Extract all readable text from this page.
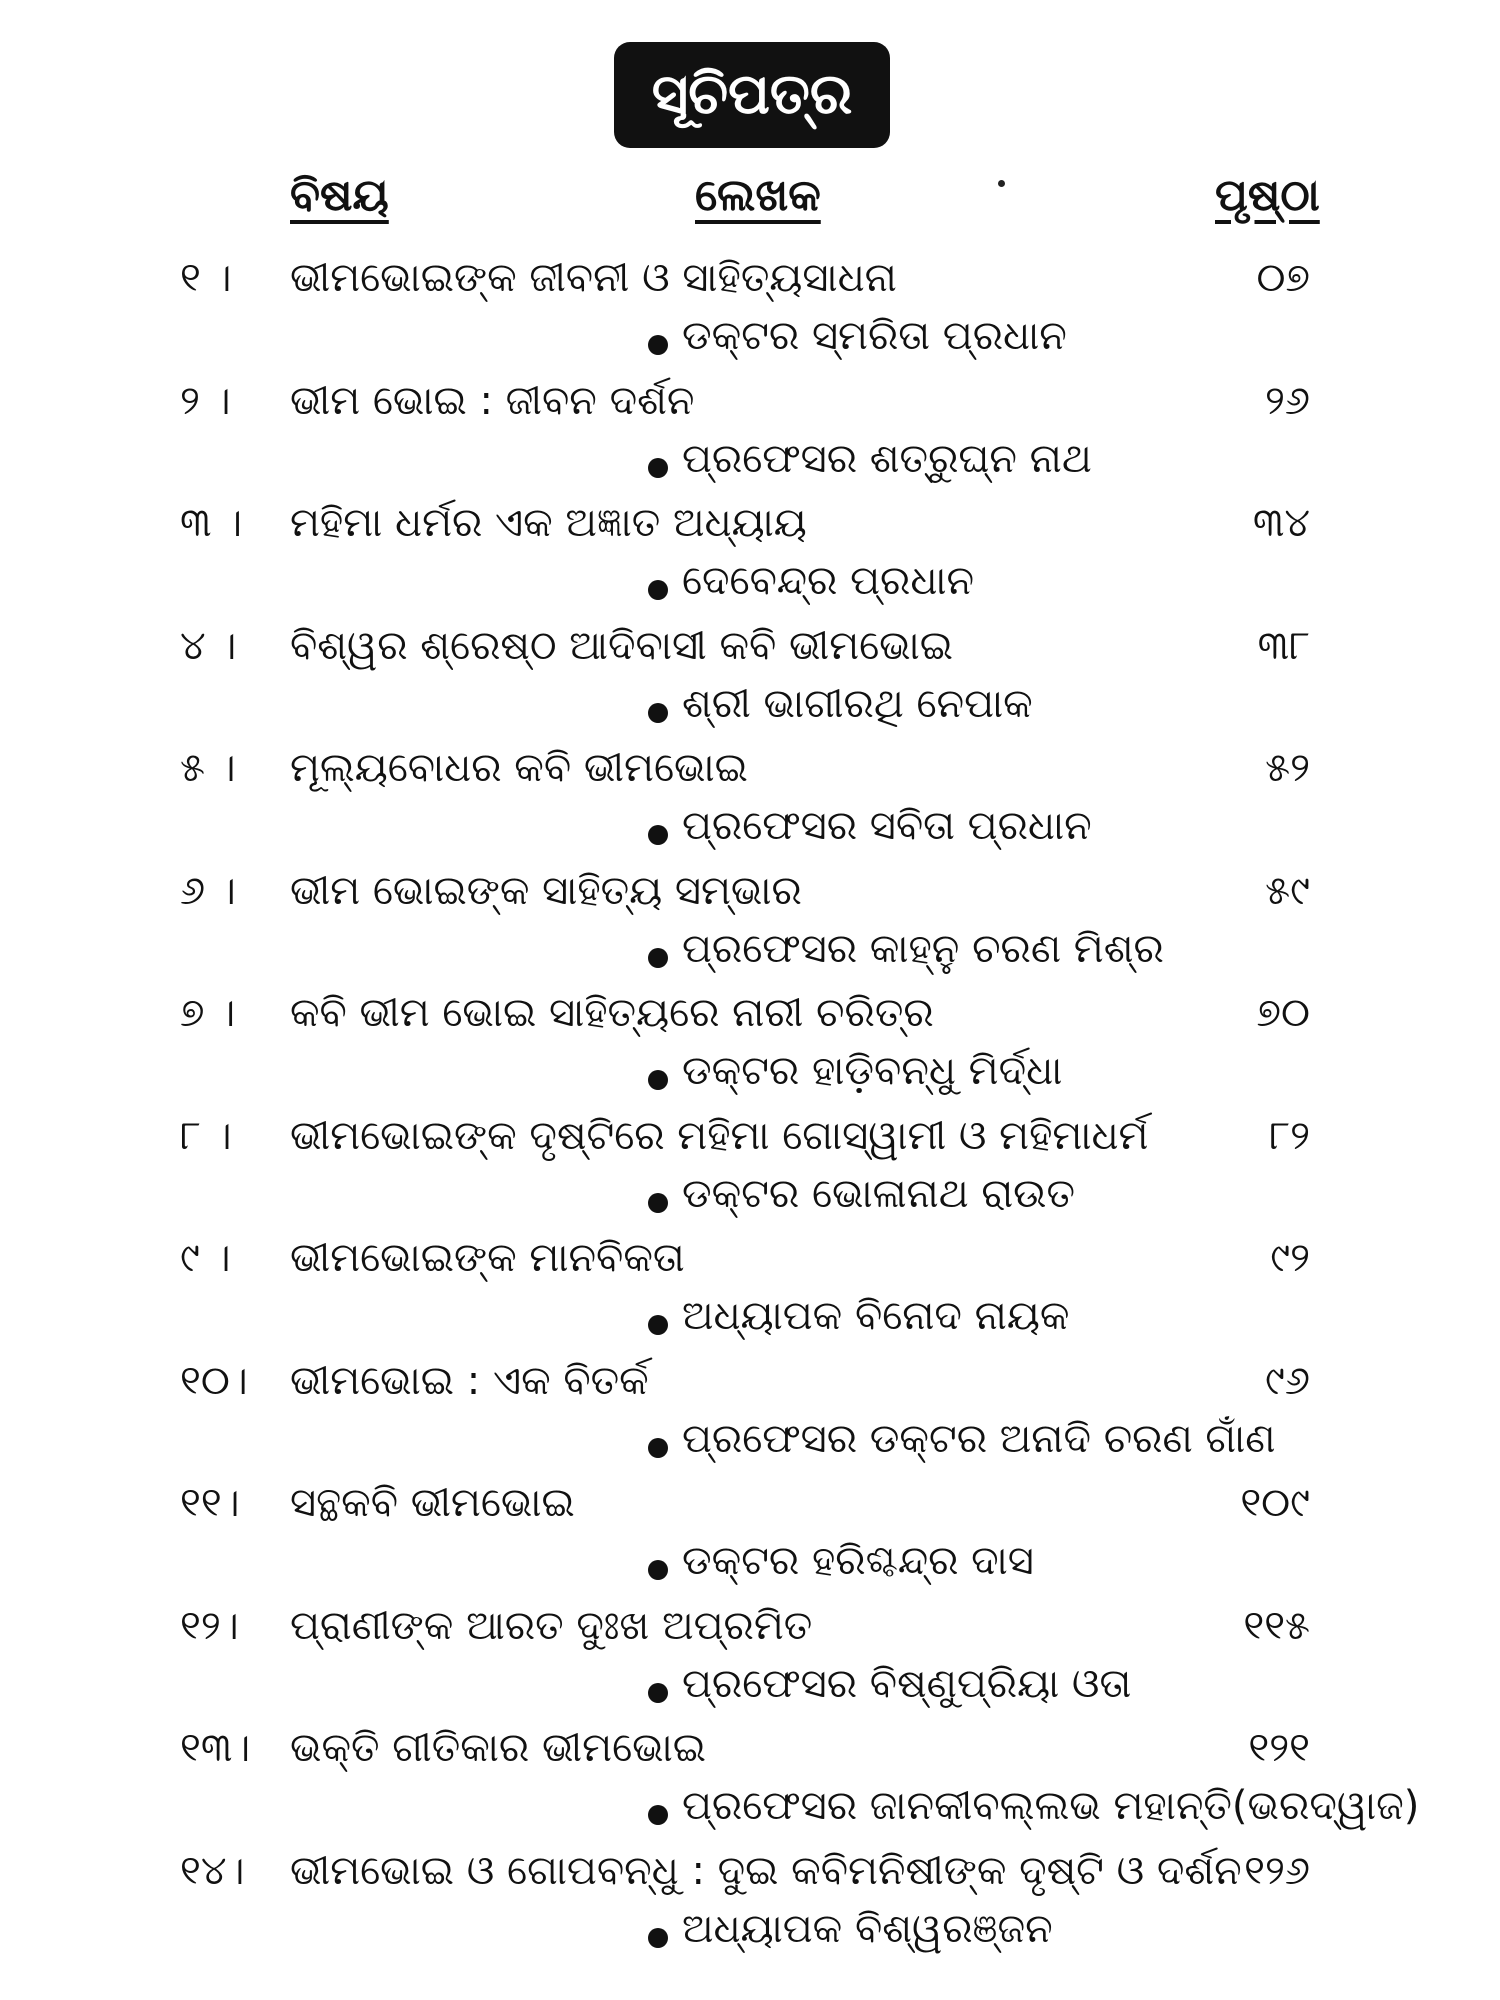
ସୂଚିପତ୍ର
ବିଷୟ	ଲେଖକ	ପୃଷ୍ଠା
୧ । ଭୀମଭୋଇଙ୍କ ଜୀବନୀ ଓ ସାହିତ୍ୟସାଧନା	୦୭
ଡକ୍ଟର ସ୍ମରିତା ପ୍ରଧାନ
୨ । ଭୀମ ଭୋଇ : ଜୀବନ ଦର୍ଶନ	୨୬
ପ୍ରଫେସର ଶତ୍ରୁଘ୍ନ ନାଥ
୩ । ମହିମା ଧର୍ମର ଏକ ଅଜ୍ଞାତ ଅଧ୍ୟାୟ	୩୪
ଦେବେନ୍ଦ୍ର ପ୍ରଧାନ
୪ । ବିଶ୍ୱର ଶ୍ରେଷ୍ଠ ଆଦିବାସୀ କବି ଭୀମଭୋଇ	୩୮
ଶ୍ରୀ ଭାଗୀରଥି ନେପାକ
୫ । ମୂଲ୍ୟବୋଧର କବି ଭୀମଭୋଇ	୫୨
ପ୍ରଫେସର ସବିତା ପ୍ରଧାନ
୬ । ଭୀମ ଭୋଇଙ୍କ ସାହିତ୍ୟ ସମ୍ଭାର	୫୯
ପ୍ରଫେସର କାହ୍ନୁ ଚରଣ ମିଶ୍ର
୭ । କବି ଭୀମ ଭୋଇ ସାହିତ୍ୟରେ ନାରୀ ଚରିତ୍ର	୭୦
ଡକ୍ଟର ହାଡ଼ିବନ୍ଧୁ ମିର୍ଦ୍ଧା
୮ । ଭୀମଭୋଇଙ୍କ ଦୃଷ୍ଟିରେ ମହିମା ଗୋସ୍ୱାମୀ ଓ ମହିମାଧର୍ମ	୮୨
ଡକ୍ଟର ଭୋଳାନାଥ ରାଉତ
୯ । ଭୀମଭୋଇଙ୍କ ମାନବିକତା	୯୨
ଅଧ୍ୟାପକ ବିନୋଦ ନାୟକ
୧୦। ଭୀମଭୋଇ : ଏକ ବିତର୍କ	୯୬
ପ୍ରଫେସର ଡକ୍ଟର ଅନାଦି ଚରଣ ଗାଁଣ
୧୧। ସନ୍ଥକବି ଭୀମଭୋଇ	୧୦୯
ଡକ୍ଟର ହରିଶ୍ଚନ୍ଦ୍ର ଦାସ
୧୨। ପ୍ରାଣୀଙ୍କ ଆରତ ଦୁଃଖ ଅପ୍ରମିତ	୧୧୫
ପ୍ରଫେସର ବିଷ୍ଣୁପ୍ରିୟା ଓତା
୧୩। ଭକ୍ତି ଗୀତିକାର ଭୀମଭୋଇ	୧୨୧
ପ୍ରଫେସର ଜାନକୀବଲ୍ଲଭ ମହାନ୍ତି(ଭରଦ୍ୱାଜ)
୧୪। ଭୀମଭୋଇ ଓ ଗୋପବନ୍ଧୁ : ଦୁଇ କବିମନିଷୀଙ୍କ ଦୃଷ୍ଟି ଓ ଦର୍ଶନ ୧୨୬
ଅଧ୍ୟାପକ ବିଶ୍ୱରଞ୍ଜନ
